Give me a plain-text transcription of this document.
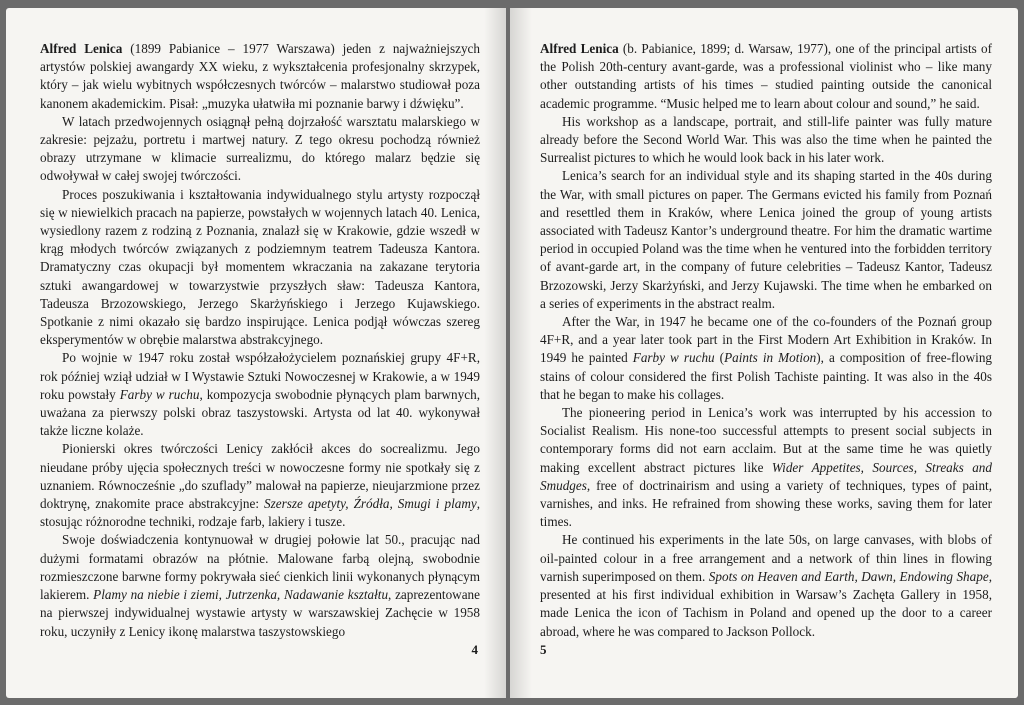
Alfred Lenica (1899 Pabianice – 1977 Warszawa) jeden z najważniejszych artystów polskiej awangardy XX wieku, z wykształcenia profesjonalny skrzypek, który – jak wielu wybitnych współczesnych twórców – malarstwo studiował poza kanonem akademickim. Pisał: „muzyka ułatwiła mi poznanie barwy i dźwięku”.

W latach przedwojennych osiągnął pełną dojrzałość warsztatu malarskiego w zakresie: pejzażu, portretu i martwej natury. Z tego okresu pochodzą również obrazy utrzymane w klimacie surrealizmu, do którego malarz będzie się odwoływał w całej swojej twórczości.

Proces poszukiwania i kształtowania indywidualnego stylu artysty rozpoczął się w niewielkich pracach na papierze, powstałych w wojennych latach 40. Lenica, wysiedlony razem z rodziną z Poznania, znalazł się w Krakowie, gdzie wszedł w krąg młodych twórców związanych z podziemnym teatrem Tadeusza Kantora. Dramatyczny czas okupacji był momentem wkraczania na zakazane terytoria sztuki awangardowej w towarzystwie przyszłych sław: Tadeusza Kantora, Tadeusza Brzozowskiego, Jerzego Skarżyńskiego i Jerzego Kujawskiego. Spotkanie z nimi okazało się bardzo inspirujące. Lenica podjął wówczas szereg eksperymentów w obrębie malarstwa abstrakcyjnego.

Po wojnie w 1947 roku został współzałożycielem poznańskiej grupy 4F+R, rok później wziął udział w I Wystawie Sztuki Nowoczesnej w Krakowie, a w 1949 roku powstały Farby w ruchu, kompozycja swobodnie płynących plam barwnych, uważana za pierwszy polski obraz taszystowski. Artysta od lat 40. wykonywał także liczne kolaże.

Pionierski okres twórczości Lenicy zakłócił akces do socrealizmu. Jego nieudane próby ujęcia społecznych treści w nowoczesne formy nie spotkały się z uznaniem. Równocześnie „do szuflady” malował na papierze, nieujarzmione przez doktrynę, znakomite prace abstrakcyjne: Szersze apetyty, Źródła, Smugi i plamy, stosując różnorodne techniki, rodzaje farb, lakiery i tusze.

Swoje doświadczenia kontynuował w drugiej połowie lat 50., pracując nad dużymi formatami obrazów na płótnie. Malowane farbą olejną, swobodnie rozmieszczone barwne formy pokrywała sieć cienkich linii wykonanych płynącym lakierem. Plamy na niebie i ziemi, Jutrzenka, Nadawanie kształtu, zaprezentowane na pierwszej indywidualnej wystawie artysty w warszawskiej Zachęcie w 1958 roku, uczyniły z Lenicy ikonę malarstwa taszystowskiego

4

Alfred Lenica (b. Pabianice, 1899; d. Warsaw, 1977), one of the principal artists of the Polish 20th-century avant-garde, was a professional violinist who – like many other outstanding artists of his times – studied painting outside the canonical academic programme. “Music helped me to learn about colour and sound,” he said.

His workshop as a landscape, portrait, and still-life painter was fully mature already before the Second World War. This was also the time when he painted the Surrealist pictures to which he would look back in his later work.

Lenica’s search for an individual style and its shaping started in the 40s during the War, with small pictures on paper. The Germans evicted his family from Poznań and resettled them in Kraków, where Lenica joined the group of young artists associated with Tadeusz Kantor’s underground theatre. For him the dramatic wartime period in occupied Poland was the time when he ventured into the forbidden territory of avant-garde art, in the company of future celebrities – Tadeusz Kantor, Tadeusz Brzozowski, Jerzy Skarżyński, and Jerzy Kujawski. The time when he embarked on a series of experiments in the abstract realm.

After the War, in 1947 he became one of the co-founders of the Poznań group 4F+R, and a year later took part in the First Modern Art Exhibition in Kraków. In 1949 he painted Farby w ruchu (Paints in Motion), a composition of free-flowing stains of colour considered the first Polish Tachiste painting. It was also in the 40s that he began to make his collages.

The pioneering period in Lenica’s work was interrupted by his accession to Socialist Realism. His none-too successful attempts to present social subjects in contemporary forms did not earn acclaim. But at the same time he was quietly making excellent abstract pictures like Wider Appetites, Sources, Streaks and Smudges, free of doctrinairism and using a variety of techniques, types of paint, varnishes, and inks. He refrained from showing these works, saving them for later times.

He continued his experiments in the late 50s, on large canvases, with blobs of oil-painted colour in a free arrangement and a network of thin lines in flowing varnish superimposed on them. Spots on Heaven and Earth, Dawn, Endowing Shape, presented at his first individual exhibition in Warsaw’s Zachęta Gallery in 1958, made Lenica the icon of Tachism in Poland and opened up the door to a career abroad, where he was compared to Jackson Pollock.

5
